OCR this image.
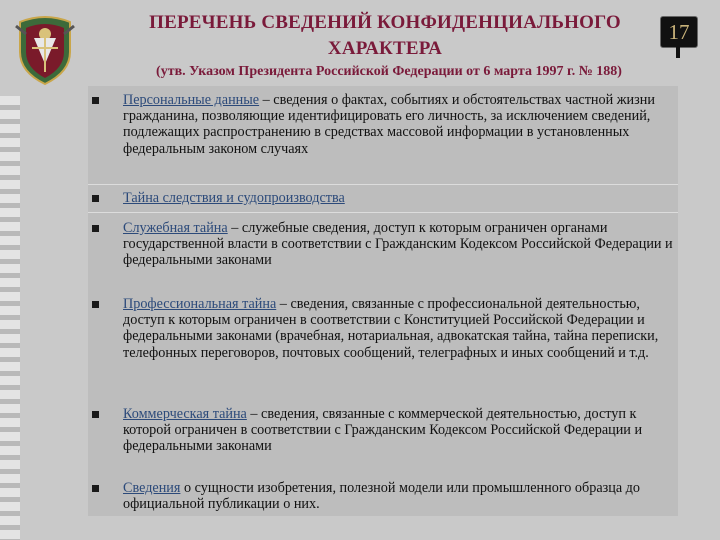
ПЕРЕЧЕНЬ СВЕДЕНИЙ КОНФИДЕНЦИАЛЬНОГО ХАРАКТЕРА
(утв. Указом Президента Российской Федерации от 6 марта 1997 г. № 188)
17
Персональные данные – сведения о фактах, событиях и обстоятельствах частной жизни гражданина, позволяющие идентифицировать его личность, за исключением сведений, подлежащих распространению в средствах массовой информации в установленных федеральным законом случаях
Тайна следствия и судопроизводства
Служебная тайна – служебные сведения, доступ к которым ограничен органами государственной власти в соответствии с Гражданским Кодексом Российской Федерации и федеральными законами
Профессиональная тайна – сведения, связанные с профессиональной деятельностью, доступ к которым ограничен в соответствии с Конституцией Российской Федерации и федеральными законами (врачебная, нотариальная, адвокатская тайна, тайна переписки, телефонных переговоров, почтовых сообщений, телеграфных и иных сообщений и т.д.
Коммерческая тайна – сведения, связанные с коммерческой деятельностью, доступ к которой ограничен в соответствии с Гражданским Кодексом Российской Федерации и федеральными законами
Сведения о сущности изобретения, полезной модели или промышленного образца до официальной публикации о них.
